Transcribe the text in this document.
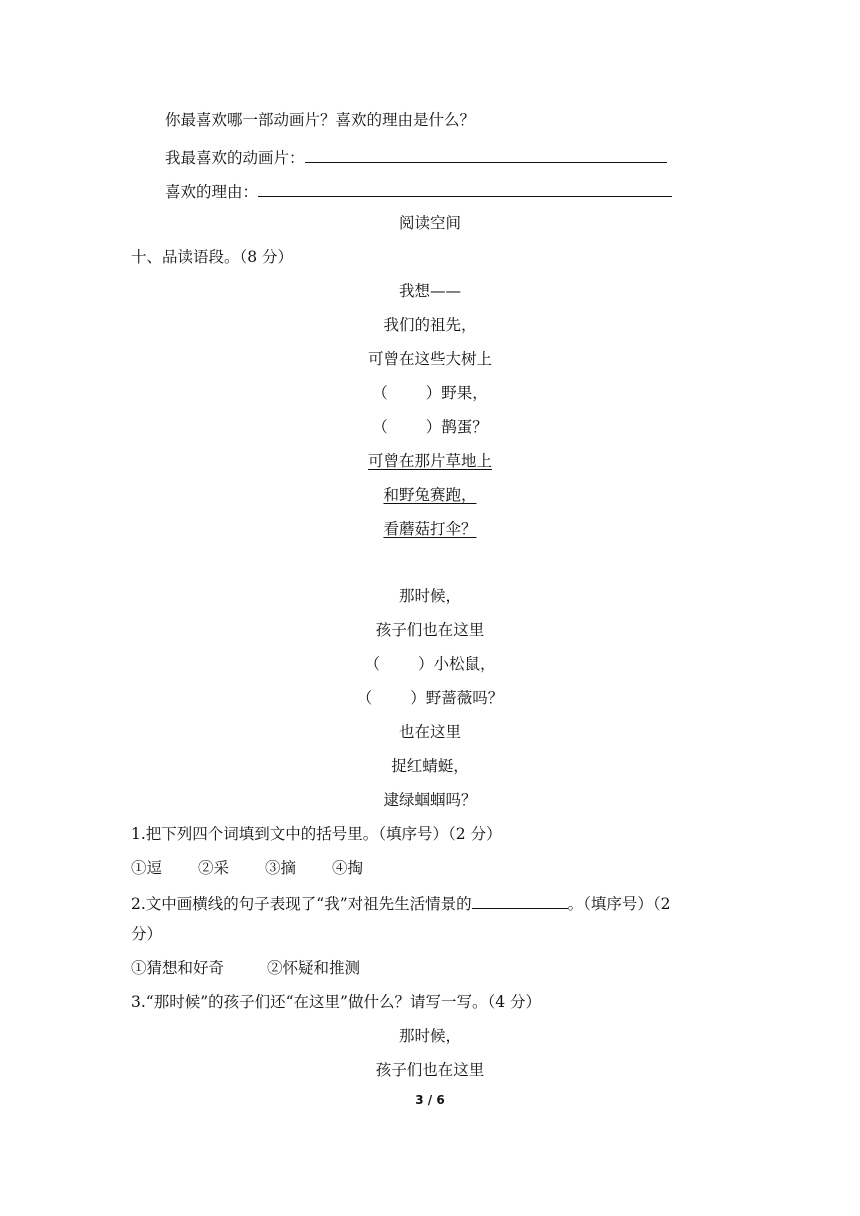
你最喜欢哪一部动画片？喜欢的理由是什么？
我最喜欢的动画片：
喜欢的理由：
阅读空间
十、品读语段。（8 分）
我想——
我们的祖先，
可曾在这些大树上
（ ）野果，
（ ）鹊蛋？
可曾在那片草地上
和野兔赛跑，
看蘑菇打伞？
那时候，
孩子们也在这里
（ ）小松鼠，
（ ）野蔷薇吗？
也在这里
捉红蜻蜓，
逮绿蝈蝈吗？
1.把下列四个词填到文中的括号里。（填序号）（2 分）
①逗 ②采 ③摘 ④掏
2.文中画横线的句子表现了“我”对祖先生活情景的	。（填序号）（2
分）
①猜想和好奇	②怀疑和推测
3.“那时候”的孩子们还“在这里”做什么？请写一写。（4 分）
那时候，
孩子们也在这里
3 / 6
